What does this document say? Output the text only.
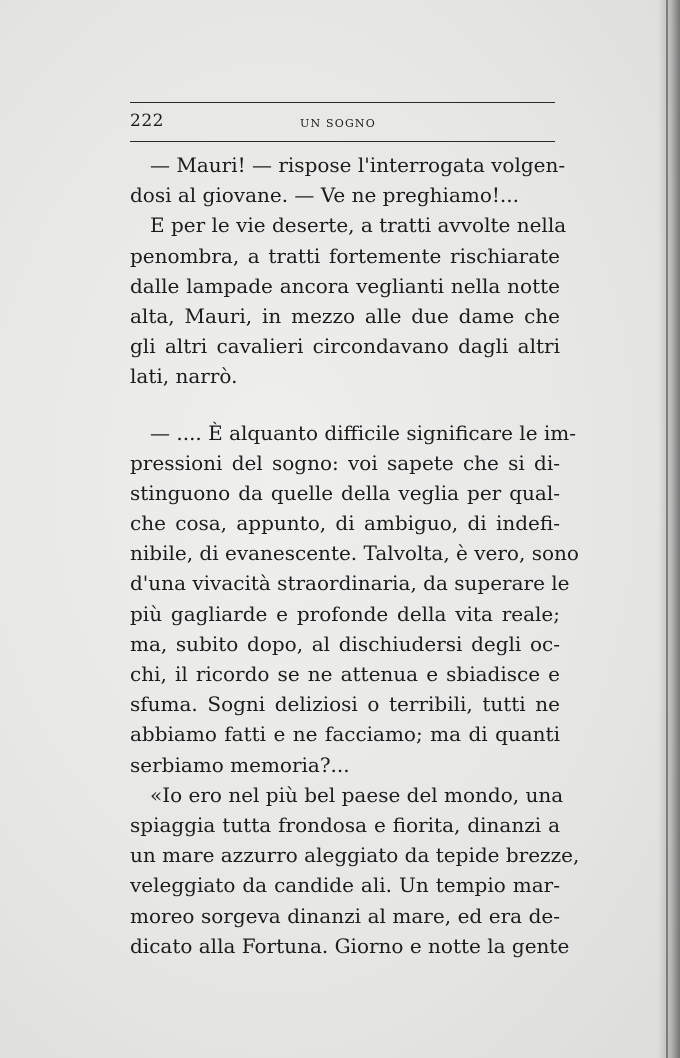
222	UN SOGNO
— Mauri! — rispose l'interrogata volgen-
dosi al giovane. — Ve ne preghiamo!...
E per le vie deserte, a tratti avvolte nella
penombra, a tratti fortemente rischiarate
dalle lampade ancora veglianti nella notte
alta, Mauri, in mezzo alle due dame che
gli altri cavalieri circondavano dagli altri
lati, narrò.
— .... È alquanto difficile significare le im-
pressioni del sogno: voi sapete che si di-
stinguono da quelle della veglia per qual-
che cosa, appunto, di ambiguo, di indefi-
nibile, di evanescente. Talvolta, è vero, sono
d'una vivacità straordinaria, da superare le
più gagliarde e profonde della vita reale;
ma, subito dopo, al dischiudersi degli oc-
chi, il ricordo se ne attenua e sbiadisce e
sfuma. Sogni deliziosi o terribili, tutti ne
abbiamo fatti e ne facciamo; ma di quanti
serbiamo memoria?...
«Io ero nel più bel paese del mondo, una
spiaggia tutta frondosa e fiorita, dinanzi a
un mare azzurro aleggiato da tepide brezze,
veleggiato da candide ali. Un tempio mar-
moreo sorgeva dinanzi al mare, ed era de-
dicato alla Fortuna. Giorno e notte la gente
